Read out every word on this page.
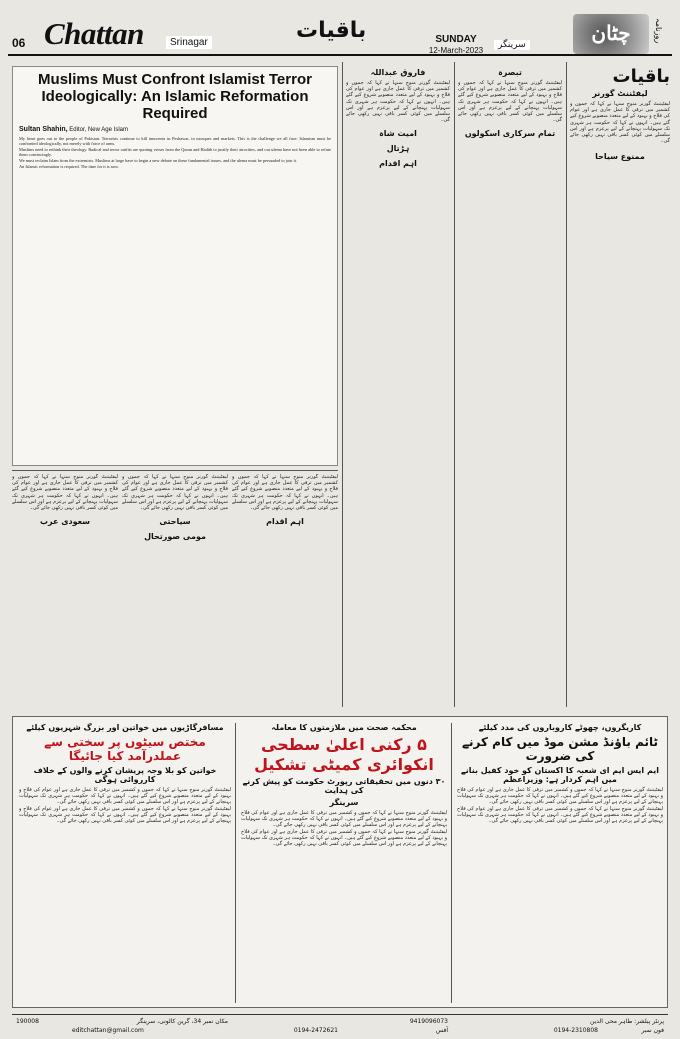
06 Chattan	Srinagar	باقیات	SUNDAY
12-March-2023
سرینگر	چٹان	روزنامہ
Muslims Must Confront Islamist Terror Ideologically: An Islamic Reformation Required
Sultan Shahin, Editor, New Age Islam

My heart goes out to the people of Pakistan. Terrorists continue to kill innocents in Peshawar, in mosques and markets. This is the challenge we all face: Islamism must be confronted ideologically, not merely with force of arms.

Muslims need to rethink their theology. Radical and terror outfits are quoting verses from the Quran and Hadith to justify their atrocities, and our ulema have not been able to refute them convincingly.

We must reclaim Islam from the extremists. Muslims at large have to begin a new debate on these fundamental issues, and the ulema must be persuaded to join it.

An Islamic reformation is required. The time for it is now.

باقیات
لیفٹننٹ گورنر
لیفٹیننٹ گورنر منوج سنہا نے کہا کہ جموں و کشمیر میں ترقی کا عمل جاری ہے اور عوام کی فلاح و بہبود کے لیے متعدد منصوبے شروع کیے گئے ہیں۔ انہوں نے کہا کہ حکومت ہر شہری تک سہولیات پہنچانے کے لیے پرعزم ہے اور اس سلسلے میں کوئی کسر باقی نہیں رکھی جائے گی۔
ممنوع سیاحا
تبصرہ
لیفٹیننٹ گورنر منوج سنہا نے کہا کہ جموں و کشمیر میں ترقی کا عمل جاری ہے اور عوام کی فلاح و بہبود کے لیے متعدد منصوبے شروع کیے گئے ہیں۔ انہوں نے کہا کہ حکومت ہر شہری تک سہولیات پہنچانے کے لیے پرعزم ہے اور اس سلسلے میں کوئی کسر باقی نہیں رکھی جائے گی۔
تمام سرکاری اسکولوں
فاروق عبداللہ
لیفٹیننٹ گورنر منوج سنہا نے کہا کہ جموں و کشمیر میں ترقی کا عمل جاری ہے اور عوام کی فلاح و بہبود کے لیے متعدد منصوبے شروع کیے گئے ہیں۔ انہوں نے کہا کہ حکومت ہر شہری تک سہولیات پہنچانے کے لیے پرعزم ہے اور اس سلسلے میں کوئی کسر باقی نہیں رکھی جائے گی۔
امیت شاہ
ہڑتال
اہم اقدام
لیفٹیننٹ گورنر منوج سنہا نے کہا کہ جموں و کشمیر میں ترقی کا عمل جاری ہے اور عوام کی فلاح و بہبود کے لیے متعدد منصوبے شروع کیے گئے ہیں۔ انہوں نے کہا کہ حکومت ہر شہری تک سہولیات پہنچانے کے لیے پرعزم ہے اور اس سلسلے میں کوئی کسر باقی نہیں رکھی جائے گی۔
اہم اقدام
لیفٹیننٹ گورنر منوج سنہا نے کہا کہ جموں و کشمیر میں ترقی کا عمل جاری ہے اور عوام کی فلاح و بہبود کے لیے متعدد منصوبے شروع کیے گئے ہیں۔ انہوں نے کہا کہ حکومت ہر شہری تک سہولیات پہنچانے کے لیے پرعزم ہے اور اس سلسلے میں کوئی کسر باقی نہیں رکھی جائے گی۔
سیاحتی
مومی صورتحال
لیفٹیننٹ گورنر منوج سنہا نے کہا کہ جموں و کشمیر میں ترقی کا عمل جاری ہے اور عوام کی فلاح و بہبود کے لیے متعدد منصوبے شروع کیے گئے ہیں۔ انہوں نے کہا کہ حکومت ہر شہری تک سہولیات پہنچانے کے لیے پرعزم ہے اور اس سلسلے میں کوئی کسر باقی نہیں رکھی جائے گی۔
سعودی عرب
کاریگروں، چھوٹے کاروباروں کی مدد کیلئے
ٹائم باؤنڈ مشن موڈ میں کام کرنے کی ضرورت
ایم ایس ایم ای شعبہ کا اکستان کو خود کفیل بنانے میں اہم کردار ہے: وزیراعظم
لیفٹیننٹ گورنر منوج سنہا نے کہا کہ جموں و کشمیر میں ترقی کا عمل جاری ہے اور عوام کی فلاح و بہبود کے لیے متعدد منصوبے شروع کیے گئے ہیں۔ انہوں نے کہا کہ حکومت ہر شہری تک سہولیات پہنچانے کے لیے پرعزم ہے اور اس سلسلے میں کوئی کسر باقی نہیں رکھی جائے گی۔
لیفٹیننٹ گورنر منوج سنہا نے کہا کہ جموں و کشمیر میں ترقی کا عمل جاری ہے اور عوام کی فلاح و بہبود کے لیے متعدد منصوبے شروع کیے گئے ہیں۔ انہوں نے کہا کہ حکومت ہر شہری تک سہولیات پہنچانے کے لیے پرعزم ہے اور اس سلسلے میں کوئی کسر باقی نہیں رکھی جائے گی۔
محکمہ صحت میں ملازمتوں کا معاملہ
۵ رکنی اعلیٰ سطحی انکوائری کمیٹی تشکیل
۳۰ دنوں میں تحقیقاتی رپورٹ حکومت کو پیش کرنے کی ہدایت
سرینگر
لیفٹیننٹ گورنر منوج سنہا نے کہا کہ جموں و کشمیر میں ترقی کا عمل جاری ہے اور عوام کی فلاح و بہبود کے لیے متعدد منصوبے شروع کیے گئے ہیں۔ انہوں نے کہا کہ حکومت ہر شہری تک سہولیات پہنچانے کے لیے پرعزم ہے اور اس سلسلے میں کوئی کسر باقی نہیں رکھی جائے گی۔
لیفٹیننٹ گورنر منوج سنہا نے کہا کہ جموں و کشمیر میں ترقی کا عمل جاری ہے اور عوام کی فلاح و بہبود کے لیے متعدد منصوبے شروع کیے گئے ہیں۔ انہوں نے کہا کہ حکومت ہر شہری تک سہولیات پہنچانے کے لیے پرعزم ہے اور اس سلسلے میں کوئی کسر باقی نہیں رکھی جائے گی۔
مسافرگاڑیوں میں خواتین اور بزرگ شہریوں کیلئے
مختص سیٹوں پر سختی سے عملدرآمد کیا جائیگا
خواتین کو بلا وجہ پریشان کرنے والوں کے خلاف کارروائی ہوگی
لیفٹیننٹ گورنر منوج سنہا نے کہا کہ جموں و کشمیر میں ترقی کا عمل جاری ہے اور عوام کی فلاح و بہبود کے لیے متعدد منصوبے شروع کیے گئے ہیں۔ انہوں نے کہا کہ حکومت ہر شہری تک سہولیات پہنچانے کے لیے پرعزم ہے اور اس سلسلے میں کوئی کسر باقی نہیں رکھی جائے گی۔
لیفٹیننٹ گورنر منوج سنہا نے کہا کہ جموں و کشمیر میں ترقی کا عمل جاری ہے اور عوام کی فلاح و بہبود کے لیے متعدد منصوبے شروع کیے گئے ہیں۔ انہوں نے کہا کہ حکومت ہر شہری تک سہولیات پہنچانے کے لیے پرعزم ہے اور اس سلسلے میں کوئی کسر باقی نہیں رکھی جائے گی۔
پرنٹر پبلشر: طاہر محی الدین
فون نمبر
0194-2310808
9419096073
آفس
0194-2472621
مکان نمبر 34، گرین کالونی، سرینگر
190008
editchattan@gmail.com
